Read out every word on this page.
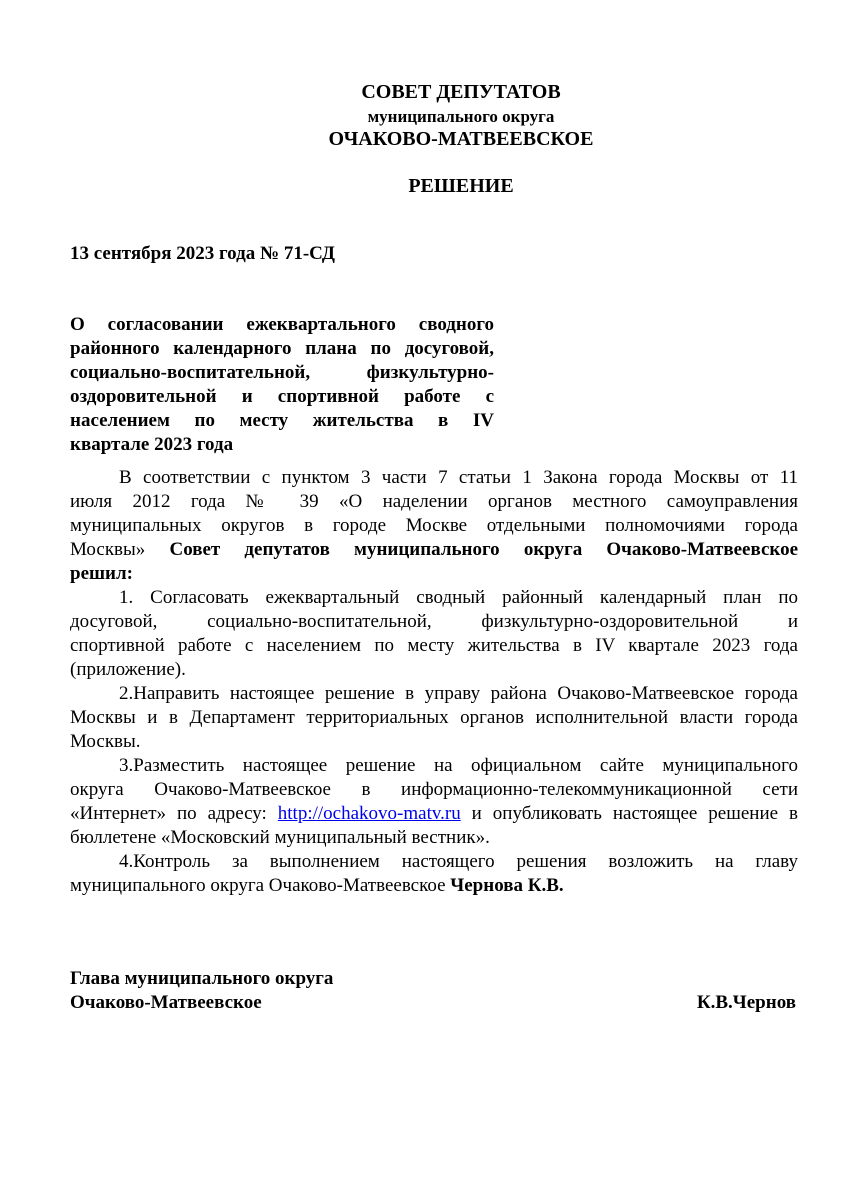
СОВЕТ ДЕПУТАТОВ
муниципального округа
ОЧАКОВО-МАТВЕЕВСКОЕ
РЕШЕНИЕ
13 сентября 2023 года № 71-СД
О согласовании ежеквартального сводного
районного календарного плана по досуговой,
социально-воспитательной, физкультурно-
оздоровительной и спортивной работе с
населением по месту жительства в IV
квартале 2023 года
В соответствии с пунктом 3 части 7 статьи 1 Закона города Москвы от 11
июля 2012 года № 39 «О наделении органов местного самоуправления
муниципальных округов в городе Москве отдельными полномочиями города
Москвы» Совет депутатов муниципального округа Очаково-Матвеевское
решил:
1. Согласовать ежеквартальный сводный районный календарный план по
досуговой, социально-воспитательной, физкультурно-оздоровительной и
спортивной работе с населением по месту жительства в IV квартале 2023 года
(приложение).
2.Направить настоящее решение в управу района Очаково-Матвеевское города
Москвы и в Департамент территориальных органов исполнительной власти города
Москвы.
3.Разместить настоящее решение на официальном сайте муниципального
округа Очаково-Матвеевское в информационно-телекоммуникационной сети
«Интернет» по адресу: http://ochakovo-matv.ru и опубликовать настоящее решение в
бюллетене «Московский муниципальный вестник».
4.Контроль за выполнением настоящего решения возложить на главу
муниципального округа Очаково-Матвеевское Чернова К.В.
Глава муниципального округа
Очаково-Матвеевское	К.В.Чернов
